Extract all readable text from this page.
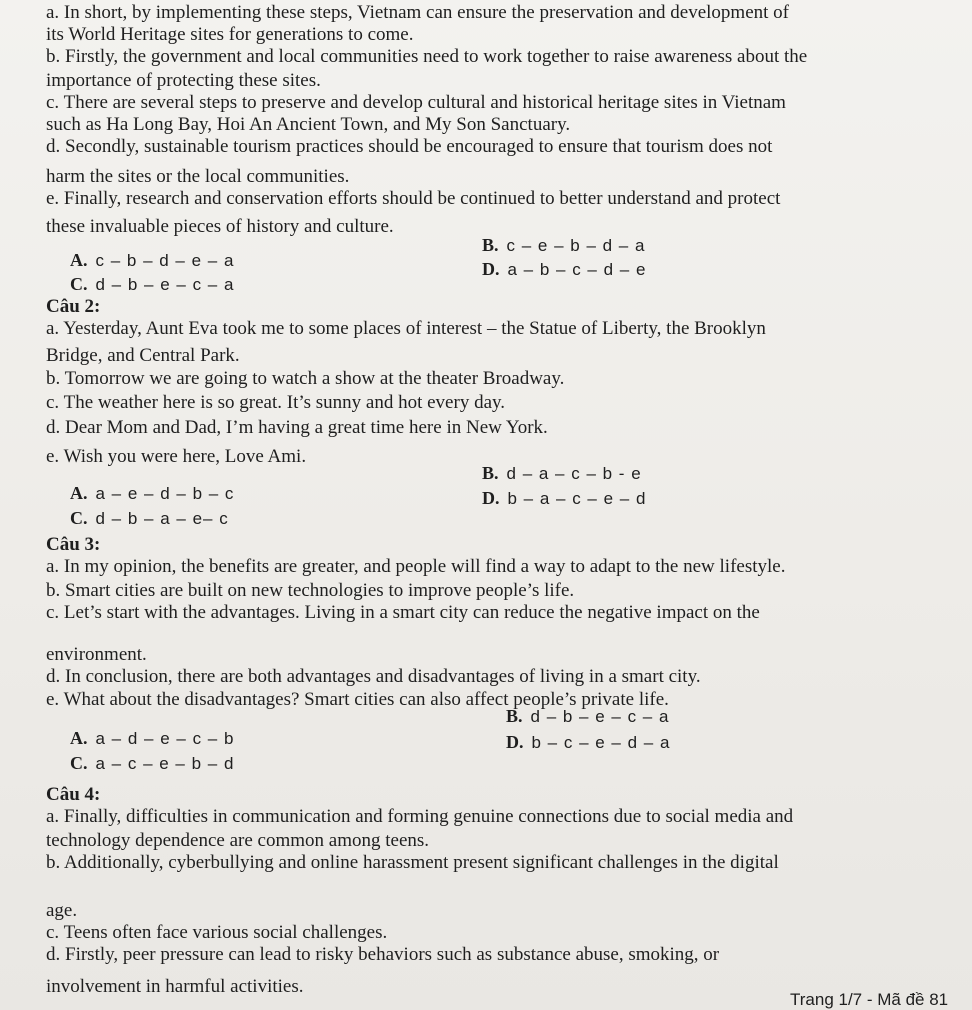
a. In short, by implementing these steps, Vietnam can ensure the preservation and development of
its World Heritage sites for generations to come.
b. Firstly, the government and local communities need to work together to raise awareness about the
importance of protecting these sites.
c. There are several steps to preserve and develop cultural and historical heritage sites in Vietnam
such as Ha Long Bay, Hoi An Ancient Town, and My Son Sanctuary.
d. Secondly, sustainable tourism practices should be encouraged to ensure that tourism does not
harm the sites or the local communities.
e. Finally, research and conservation efforts should be continued to better understand and protect
these invaluable pieces of history and culture.
A. c – b – d – e – a
B. c – e – b – d – a
C. d – b – e – c – a
D. a – b – c – d – e
Câu 2:
a. Yesterday, Aunt Eva took me to some places of interest – the Statue of Liberty, the Brooklyn
Bridge, and Central Park.
b. Tomorrow we are going to watch a show at the theater Broadway.
c. The weather here is so great. It’s sunny and hot every day.
d. Dear Mom and Dad, I’m having a great time here in New York.
e. Wish you were here, Love Ami.
A. a – e – d – b – c
B. d – a – c – b - e
C. d – b – a – e– c
D. b – a – c – e – d
Câu 3:
a. In my opinion, the benefits are greater, and people will find a way to adapt to the new lifestyle.
b. Smart cities are built on new technologies to improve people’s life.
c. Let’s start with the advantages. Living in a smart city can reduce the negative impact on the
environment.
d. In conclusion, there are both advantages and disadvantages of living in a smart city.
e. What about the disadvantages? Smart cities can also affect people’s private life.
A. a – d – e – c – b
B. d – b – e – c – a
C. a – c – e – b – d
D. b – c – e – d – a
Câu 4:
a. Finally, difficulties in communication and forming genuine connections due to social media and
technology dependence are common among teens.
b. Additionally, cyberbullying and online harassment present significant challenges in the digital
age.
c. Teens often face various social challenges.
d. Firstly, peer pressure can lead to risky behaviors such as substance abuse, smoking, or
involvement in harmful activities.
Trang 1/7 - Mã đề 81
